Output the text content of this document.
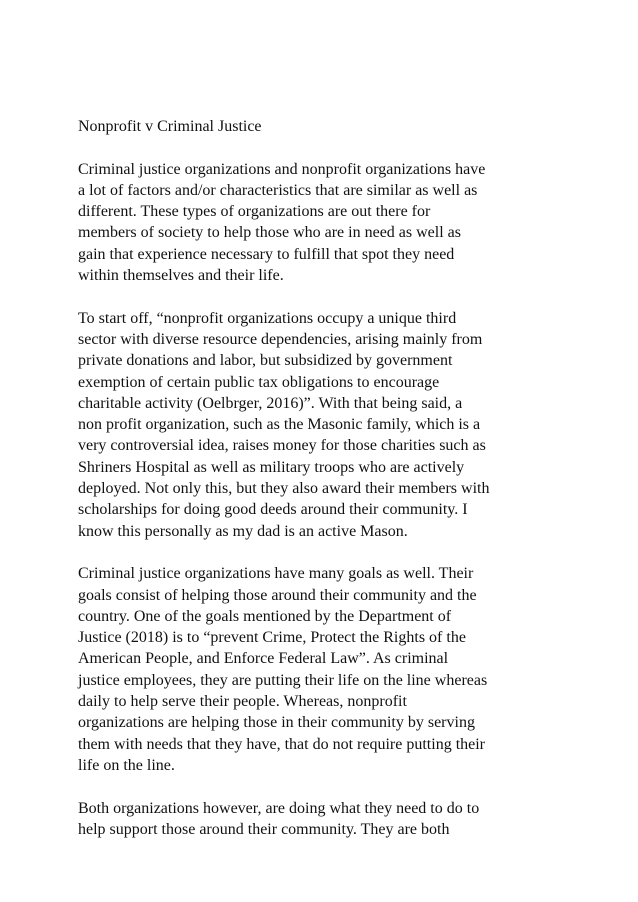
Nonprofit v Criminal Justice

Criminal justice organizations and nonprofit organizations have
a lot of factors and/or characteristics that are similar as well as
different. These types of organizations are out there for
members of society to help those who are in need as well as
gain that experience necessary to fulfill that spot they need
within themselves and their life.

To start off, “nonprofit organizations occupy a unique third
sector with diverse resource dependencies, arising mainly from
private donations and labor, but subsidized by government
exemption of certain public tax obligations to encourage
charitable activity (Oelbrger, 2016)”. With that being said, a
non profit organization, such as the Masonic family, which is a
very controversial idea, raises money for those charities such as
Shriners Hospital as well as military troops who are actively
deployed. Not only this, but they also award their members with
scholarships for doing good deeds around their community. I
know this personally as my dad is an active Mason.

Criminal justice organizations have many goals as well. Their
goals consist of helping those around their community and the
country. One of the goals mentioned by the Department of
Justice (2018) is to “prevent Crime, Protect the Rights of the
American People, and Enforce Federal Law”. As criminal
justice employees, they are putting their life on the line whereas
daily to help serve their people. Whereas, nonprofit
organizations are helping those in their community by serving
them with needs that they have, that do not require putting their
life on the line.

Both organizations however, are doing what they need to do to
help support those around their community. They are both
